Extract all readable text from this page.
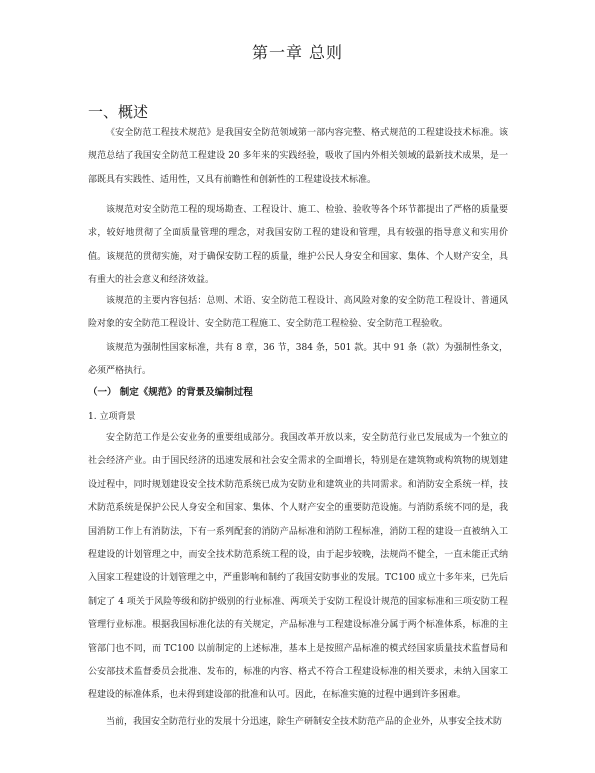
第一章 总则
一、概述

《安全防范工程技术规范》是我国安全防范领域第一部内容完整、格式规范的工程建设技术标准。该规范总结了我国安全防范工程建设 20 多年来的实践经验，吸收了国内外相关领域的最新技术成果，是一部既具有实践性、适用性，又具有前瞻性和创新性的工程建设技术标准。

该规范对安全防范工程的现场勘查、工程设计、施工、检验、验收等各个环节都提出了严格的质量要求，较好地贯彻了全面质量管理的理念，对我国安防工程的建设和管理，具有较强的指导意义和实用价值。该规范的贯彻实施，对于确保安防工程的质量，维护公民人身安全和国家、集体、个人财产安全，具有重大的社会意义和经济效益。

该规范的主要内容包括：总则、术语、安全防范工程设计、高风险对象的安全防范工程设计、普通风险对象的安全防范工程设计、安全防范工程施工、安全防范工程检验、安全防范工程验收。

该规范为强制性国家标准，共有 8 章，36 节，384 条，501 款。其中 91 条（款）为强制性条文，必须严格执行。

（一） 制定《规范》的背景及编制过程
1. 立项背景

安全防范工作是公安业务的重要组成部分。我国改革开放以来，安全防范行业已发展成为一个独立的社会经济产业。由于国民经济的迅速发展和社会安全需求的全面增长，特别是在建筑物或构筑物的规划建设过程中，同时规划建设安全技术防范系统已成为安防业和建筑业的共同需求。和消防安全系统一样，技术防范系统是保护公民人身安全和国家、集体、个人财产安全的重要防范设施。与消防系统不同的是，我国消防工作上有消防法，下有一系列配套的消防产品标准和消防工程标准，消防工程的建设一直被纳入工程建设的计划管理之中，而安全技术防范系统工程的设，由于起步较晚，法规尚不健全，一直未能正式纳入国家工程建设的计划管理之中，严重影响和制约了我国安防事业的发展。TC100 成立十多年来，已先后制定了 4 项关于风险等级和防护级别的行业标准、两项关于安防工程设计规范的国家标准和三项安防工程管理行业标准。根据我国标准化法的有关规定，产品标准与工程建设标准分属于两个标准体系，标准的主管部门也不同，而 TC100 以前制定的上述标准，基本上是按照产品标准的模式经国家质量技术监督局和公安部技术监督委员会批准、发布的，标准的内容、格式不符合工程建设标准的相关要求，未纳入国家工程建设的标准体系，也未得到建设部的批准和认可。因此，在标准实施的过程中遇到许多困难。

当前，我国安全防范行业的发展十分迅速，除生产研制安全技术防范产品的企业外，从事安全技术防
